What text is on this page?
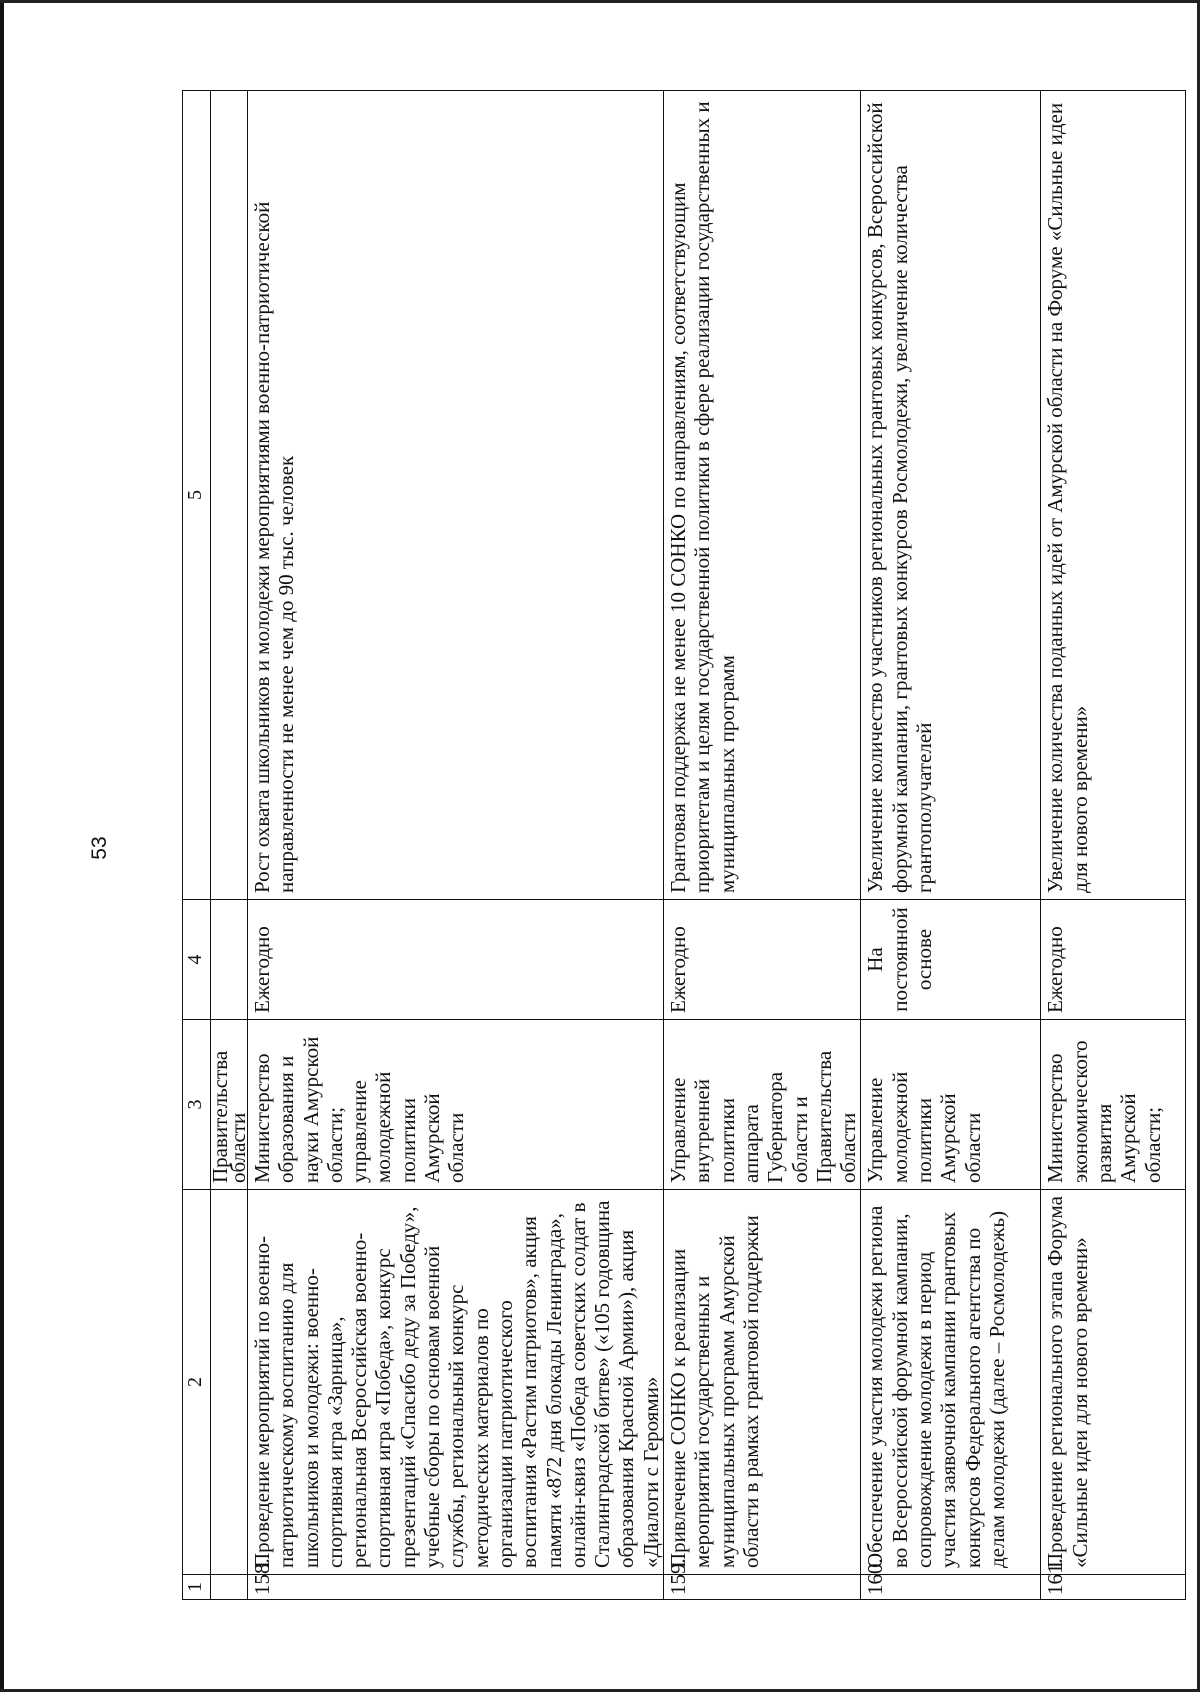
53
1	2	3	4	5
		Правительства области		
158.	Проведение мероприятий по военно-патриотическому воспитанию для школьников и молодежи: военно-спортивная игра «Зарница», региональная Всероссийская военно-спортивная игра «Победа», конкурс презентаций «Спасибо деду за Победу», учебные сборы по основам военной службы, региональный конкурс методических материалов по организации патриотического воспитания «Растим патриотов», акция памяти «872 дня блокады Ленинграда», онлайн-квиз «Победа советских солдат в Сталинградской битве» («105 годовщина образования Красной Армии»), акция «Диалоги с Героями»	Министерство образования и науки Амурской области; управление молодежной политики Амурской области	Ежегодно	Рост охвата школьников и молодежи мероприятиями военно-патриотической направленности не менее чем до 90 тыс. человек
159.	Привлечение СОНКО к реализации мероприятий государственных и муниципальных программ Амурской области в рамках грантовой поддержки	Управление внутренней политики аппарата Губернатора области и Правительства области	Ежегодно	Грантовая поддержка не менее 10 СОНКО по направлениям, соответствующим приоритетам и целям государственной политики в сфере реализации государственных и муниципальных программ
160.	Обеспечение участия молодежи региона во Всероссийской форумной кампании, сопровождение молодежи в период участия заявочной кампании грантовых конкурсов Федерального агентства по делам молодежи (далее – Росмолодежь)	Управление молодежной политики Амурской области	На постоянной основе	Увеличение количество участников региональных грантовых конкурсов, Всероссийской форумной кампании, грантовых конкурсов Росмолодежи, увеличение количества грантополучателей
161.	Проведение регионального этапа Форума «Сильные идеи для нового времени»	Министерство экономического развития Амурской области;	Ежегодно	Увеличение количества поданных идей от Амурской области на Форуме «Сильные идеи для нового времени»
